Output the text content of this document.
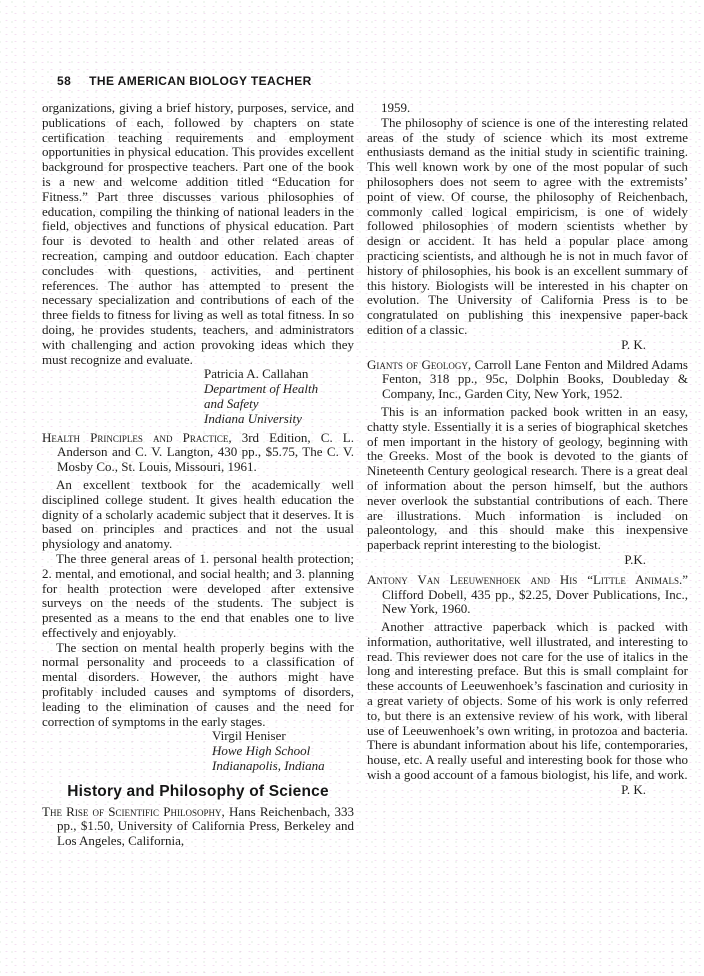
58 THE AMERICAN BIOLOGY TEACHER

organizations, giving a brief history, purposes, service, and publications of each, followed by chapters on state certification teaching requirements and employment opportunities in physical education. This provides excellent background for prospective teachers. Part one of the book is a new and welcome addition titled “Education for Fitness.” Part three discusses various philosophies of education, compiling the thinking of national leaders in the field, objectives and functions of physical education. Part four is devoted to health and other related areas of recreation, camping and outdoor education. Each chapter concludes with questions, activities, and pertinent references. The author has attempted to present the necessary specialization and contributions of each of the three fields to fitness for living as well as total fitness. In so doing, he provides students, teachers, and administrators with challenging and action provoking ideas which they must recognize and evaluate.

Patricia A. Callahan
Department of Health
and Safety
Indiana University

Health Principles and Practice, 3rd Edition, C. L. Anderson and C. V. Langton, 430 pp., $5.75, The C. V. Mosby Co., St. Louis, Missouri, 1961.

An excellent textbook for the academically well disciplined college student. It gives health education the dignity of a scholarly academic subject that it deserves. It is based on principles and practices and not the usual physiology and anatomy.

The three general areas of 1. personal health protection; 2. mental, and emotional, and social health; and 3. planning for health protection were developed after extensive surveys on the needs of the students. The subject is presented as a means to the end that enables one to live effectively and enjoyably.

The section on mental health properly begins with the normal personality and proceeds to a classification of mental disorders. However, the authors might have profitably included causes and symptoms of disorders, leading to the elimination of causes and the need for correction of symptoms in the early stages.

Virgil Heniser
Howe High School
Indianapolis, Indiana
History and Philosophy of Science

The Rise of Scientific Philosophy, Hans Reichenbach, 333 pp., $1.50, University of California Press, Berkeley and Los Angeles, California,

1959.

The philosophy of science is one of the interesting related areas of the study of science which its most extreme enthusiasts demand as the initial study in scientific training. This well known work by one of the most popular of such philosophers does not seem to agree with the extremists’ point of view. Of course, the philosophy of Reichenbach, commonly called logical empiricism, is one of widely followed philosophies of modern scientists whether by design or accident. It has held a popular place among practicing scientists, and although he is not in much favor of history of philosophies, his book is an excellent summary of this history. Biologists will be interested in his chapter on evolution. The University of California Press is to be congratulated on publishing this inexpensive paper-back edition of a classic.

P. K.

Giants of Geology, Carroll Lane Fenton and Mildred Adams Fenton, 318 pp., 95c, Dolphin Books, Doubleday & Company, Inc., Garden City, New York, 1952.

This is an information packed book written in an easy, chatty style. Essentially it is a series of biographical sketches of men important in the history of geology, beginning with the Greeks. Most of the book is devoted to the giants of Nineteenth Century geological research. There is a great deal of information about the person himself, but the authors never overlook the substantial contributions of each. There are illustrations. Much information is included on paleontology, and this should make this inexpensive paperback reprint interesting to the biologist.

P.K.

Antony Van Leeuwenhoek and His “Little Animals.” Clifford Dobell, 435 pp., $2.25, Dover Publications, Inc., New York, 1960.

Another attractive paperback which is packed with information, authoritative, well illustrated, and interesting to read. This reviewer does not care for the use of italics in the long and interesting preface. But this is small complaint for these accounts of Leeuwenhoek’s fascination and curiosity in a great variety of objects. Some of his work is only referred to, but there is an extensive review of his work, with liberal use of Leeuwenhoek’s own writing, in protozoa and bacteria. There is abundant information about his life, contemporaries, house, etc. A really useful and interesting book for those who wish a good account of a famous biologist, his life, and work.

P. K.
